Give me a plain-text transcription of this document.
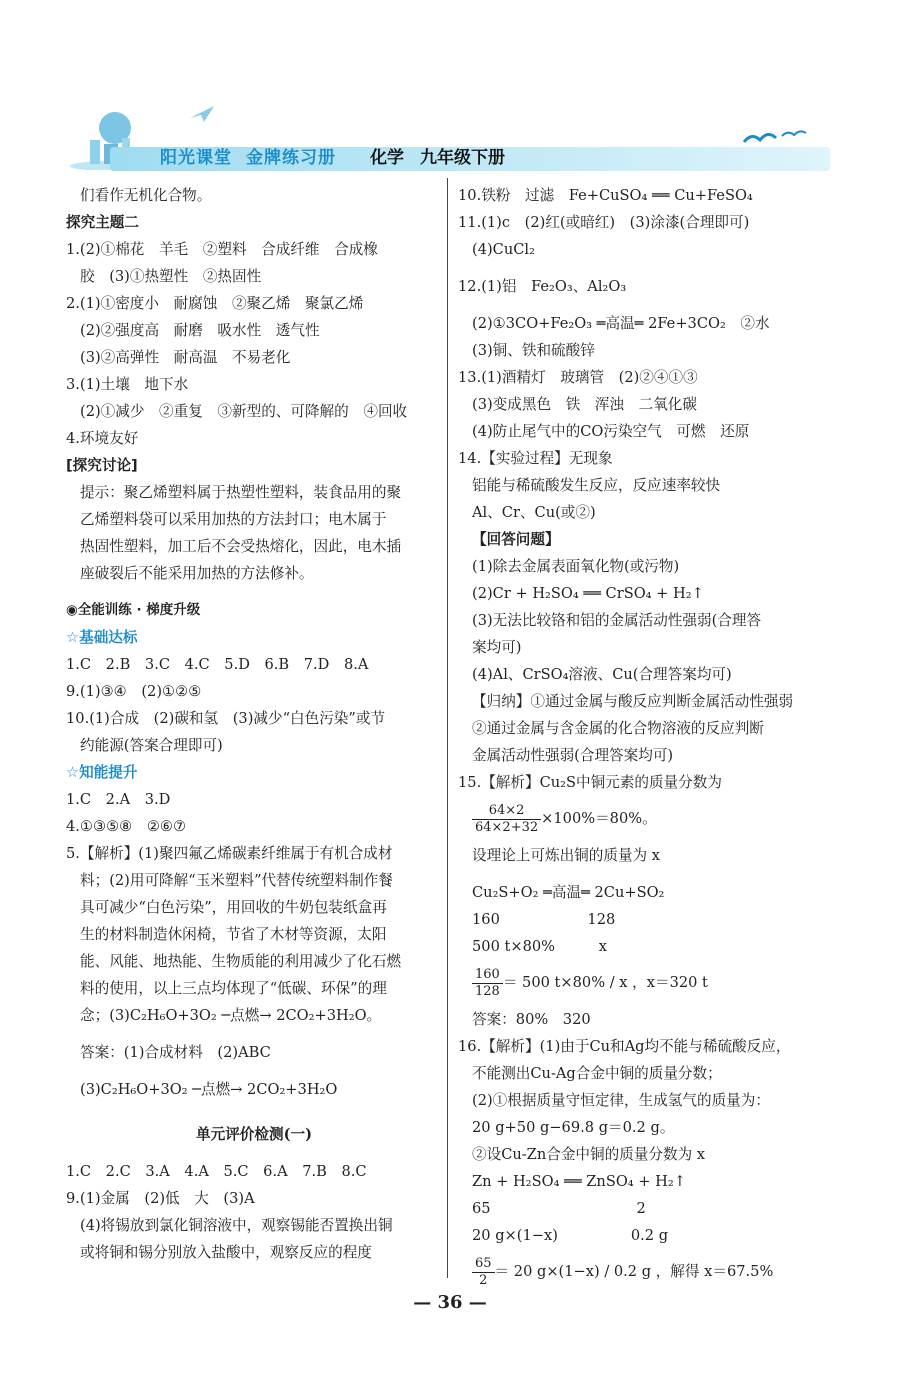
阳光课堂 金牌练习册 化学 九年级下册
们看作无机化合物。
探究主题二
1.(2)①棉花　羊毛　②塑料　合成纤维　合成橡
胶　(3)①热塑性　②热固性
2.(1)①密度小　耐腐蚀　②聚乙烯　聚氯乙烯
(2)②强度高　耐磨　吸水性　透气性
(3)②高弹性　耐高温　不易老化
3.(1)土壤　地下水
(2)①减少　②重复　③新型的、可降解的　④回收
4.环境友好
[探究讨论]
提示：聚乙烯塑料属于热塑性塑料，装食品用的聚
乙烯塑料袋可以采用加热的方法封口；电木属于
热固性塑料，加工后不会受热熔化，因此，电木插
座破裂后不能采用加热的方法修补。
◉全能训练 · 梯度升级
☆ 基础达标
1.C　2.B　3.C　4.C　5.D　6.B　7.D　8.A
9.(1)③④　(2)①②⑤
10.(1)合成　(2)碳和氢　(3)减少“白色污染”或节
约能源(答案合理即可)
☆ 知能提升
1.C　2.A　3.D
4.①③⑤⑧　②⑥⑦
5.【解析】(1)聚四氟乙烯碳素纤维属于有机合成材
料；(2)用可降解“玉米塑料”代替传统塑料制作餐
具可减少“白色污染”，用回收的牛奶包装纸盒再
生的材料制造休闲椅，节省了木材等资源，太阳
能、风能、地热能、生物质能的利用减少了化石燃
料的使用，以上三点均体现了“低碳、环保”的理
念；(3)C₂H₆O+3O₂ ─点燃→ 2CO₂+3H₂O。
答案：(1)合成材料　(2)ABC
(3)C₂H₆O+3O₂ ─点燃→ 2CO₂+3H₂O
单元评价检测(一)
1.C　2.C　3.A　4.A　5.C　6.A　7.B　8.C
9.(1)金属　(2)低　大　(3)A
(4)将锡放到氯化铜溶液中，观察锡能否置换出铜
或将铜和锡分别放入盐酸中，观察反应的程度
10.铁粉　过滤　Fe+CuSO₄ ══ Cu+FeSO₄
11.(1)c　(2)红(或暗红)　(3)涂漆(合理即可)
(4)CuCl₂
12.(1)铝　Fe₂O₃、Al₂O₃
(2)①3CO+Fe₂O₃ ═高温═ 2Fe+3CO₂　②水
(3)铜、铁和硫酸锌
13.(1)酒精灯　玻璃管　(2)②④①③
(3)变成黑色　铁　浑浊　二氧化碳
(4)防止尾气中的CO污染空气　可燃　还原
14.【实验过程】无现象
铝能与稀硫酸发生反应，反应速率较快
Al、Cr、Cu(或②)
【回答问题】
(1)除去金属表面氧化物(或污物)
(2)Cr + H₂SO₄ ══ CrSO₄ + H₂↑
(3)无法比较铬和铝的金属活动性强弱(合理答
案均可)
(4)Al、CrSO₄溶液、Cu(合理答案均可)
【归纳】①通过金属与酸反应判断金属活动性强弱
②通过金属与含金属的化合物溶液的反应判断
金属活动性强弱(合理答案均可)
15.【解析】Cu₂S中铜元素的质量分数为
$\frac{64\times 2}{64\times 2+32} \times 100\%=80\%$。
设理论上可炼出铜的质量为 x
Cu₂S+O₂ ═高温═ 2Cu+SO₂
160　　　　　　128
500 t×80%　　　x
$\frac{160}{128} = 500$ t×80% / x ，x＝320 t
答案：80%　320
16.【解析】(1)由于Cu和Ag均不能与稀硫酸反应，
不能测出Cu-Ag合金中铜的质量分数；
(2)①根据质量守恒定律，生成氢气的质量为：
20 g+50 g−69.8 g＝0.2 g。
②设Cu-Zn合金中铜的质量分数为 x
Zn + H₂SO₄ ══ ZnSO₄ + H₂↑
65　　　　　　　　　　2
20 g×(1−x)　　　　　0.2 g
$\frac{65}{2} = 20$ g×(1−x) / 0.2 g ，解得 x＝67.5%
— 36 —
